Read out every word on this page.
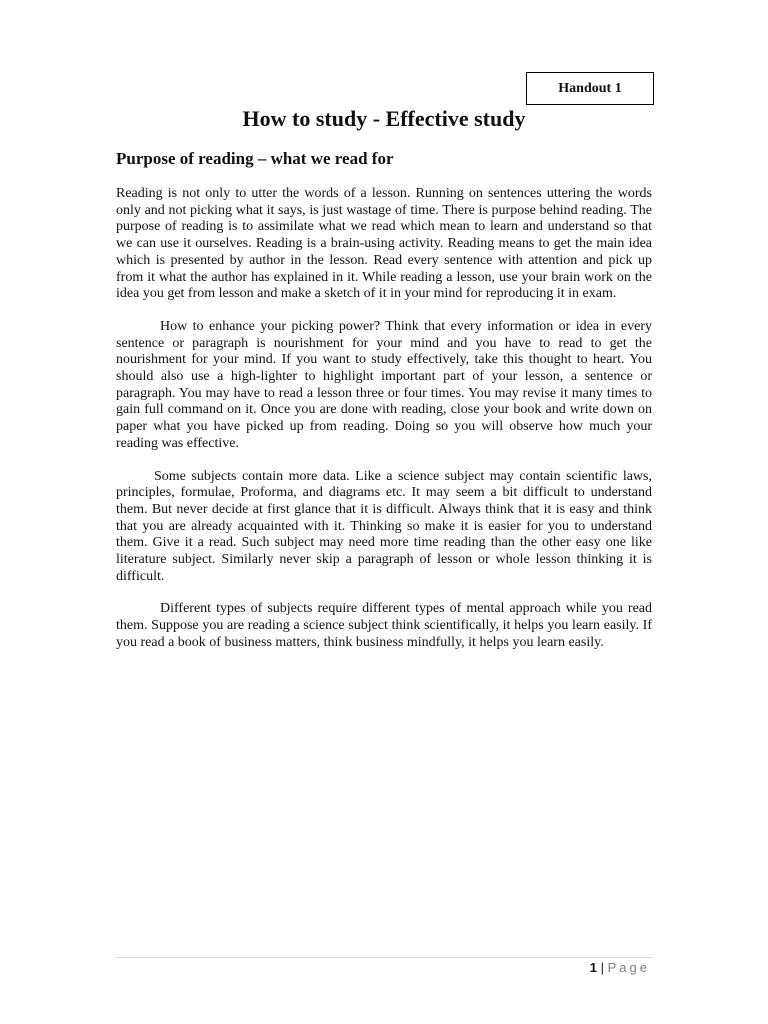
Handout 1
How to study - Effective study
Purpose of reading – what we read for

Reading is not only to utter the words of a lesson. Running on sentences uttering the words only and not picking what it says, is just wastage of time. There is purpose behind reading. The purpose of reading is to assimilate what we read which mean to learn and understand so that we can use it ourselves. Reading is a brain-using activity. Reading means to get the main idea which is presented by author in the lesson. Read every sentence with attention and pick up from it what the author has explained in it. While reading a lesson, use your brain work on the idea you get from lesson and make a sketch of it in your mind for reproducing it in exam.

How to enhance your picking power? Think that every information or idea in every sentence or paragraph is nourishment for your mind and you have to read to get the nourishment for your mind. If you want to study effectively, take this thought to heart. You should also use a high-lighter to highlight important part of your lesson, a sentence or paragraph. You may have to read a lesson three or four times. You may revise it many times to gain full command on it. Once you are done with reading, close your book and write down on paper what you have picked up from reading. Doing so you will observe how much your reading was effective.

Some subjects contain more data. Like a science subject may contain scientific laws, principles, formulae, Proforma, and diagrams etc. It may seem a bit difficult to understand them. But never decide at first glance that it is difficult. Always think that it is easy and think that you are already acquainted with it. Thinking so make it is easier for you to understand them. Give it a read. Such subject may need more time reading than the other easy one like literature subject. Similarly never skip a paragraph of lesson or whole lesson thinking it is difficult.

Different types of subjects require different types of mental approach while you read them. Suppose you are reading a science subject think scientifically, it helps you learn easily. If you read a book of business matters, think business mindfully, it helps you learn easily.

1 | Page
